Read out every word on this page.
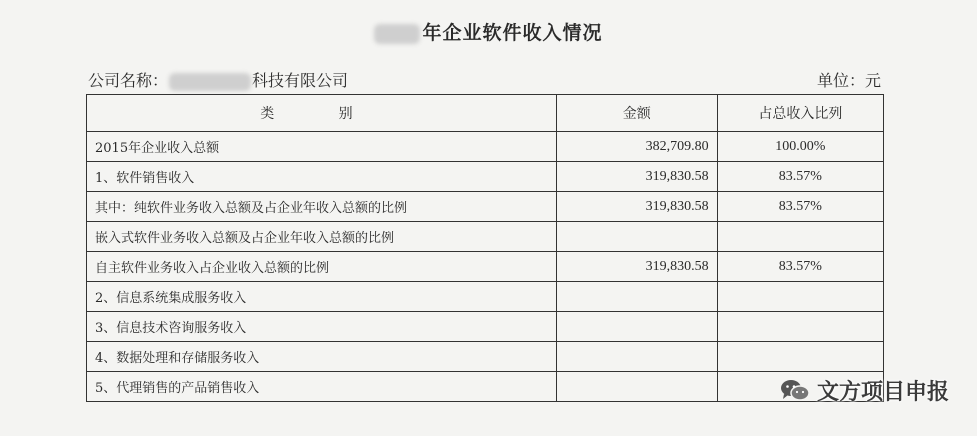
年企业软件收入情况
公司名称：	科技有限公司	单位：元
类 别	金额	占总收入比列
2015年企业收入总额	382,709.80	100.00%
1、软件销售收入	319,830.58	83.57%
其中：纯软件业务收入总额及占企业年收入总额的比例	319,830.58	83.57%
嵌入式软件业务收入总额及占企业年收入总额的比例		
自主软件业务收入占企业收入总额的比例	319,830.58	83.57%
2、信息系统集成服务收入		
3、信息技术咨询服务收入		
4、数据处理和存储服务收入		
5、代理销售的产品销售收入			文方项目申报
